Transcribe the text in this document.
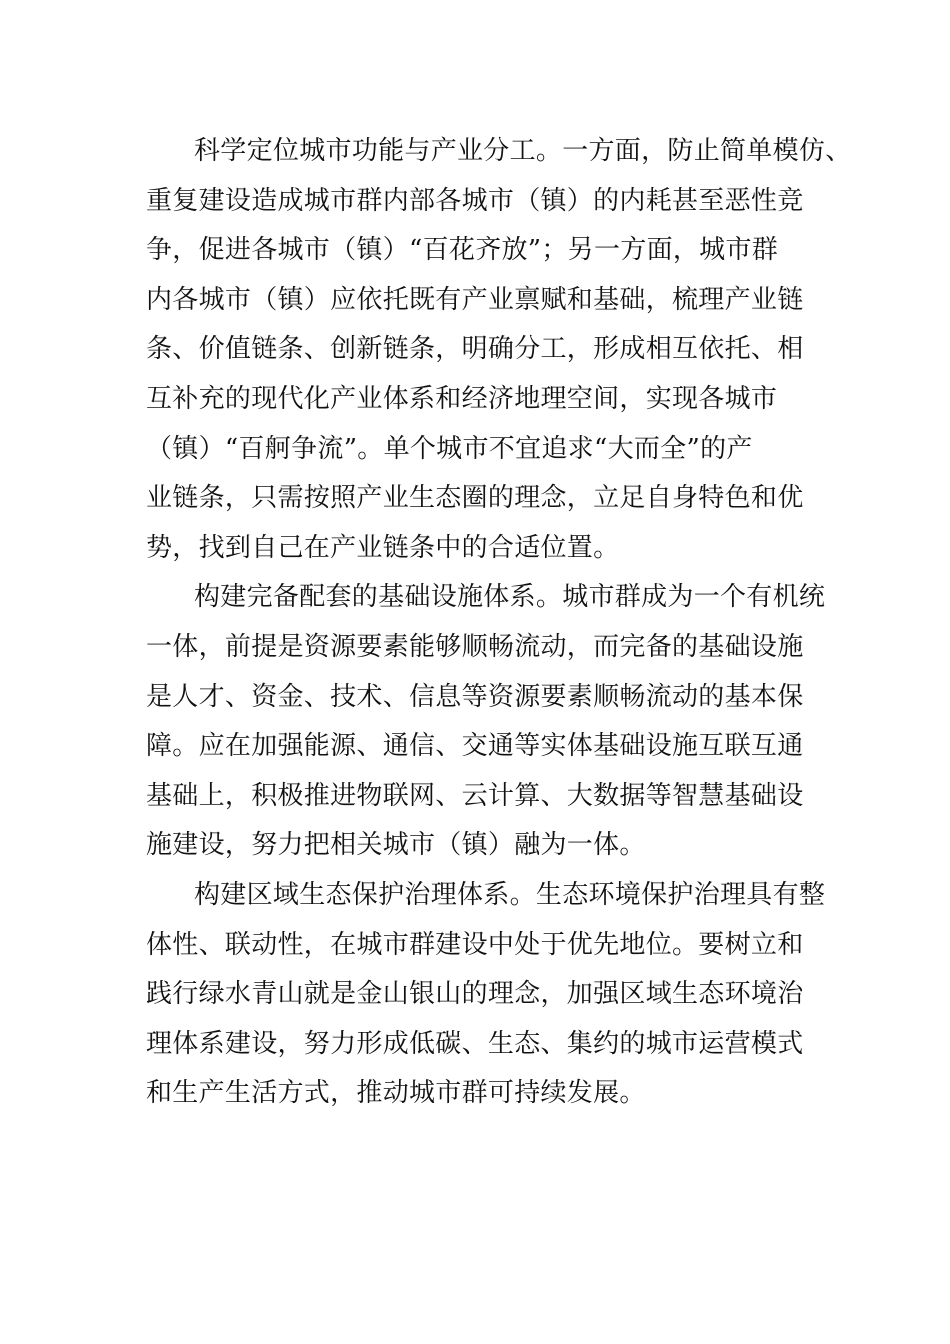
科学定位城市功能与产业分工。一方面，防止简单模仿、
重复建设造成城市群内部各城市（镇）的内耗甚至恶性竞
争，促进各城市（镇）“百花齐放”；另一方面，城市群
内各城市（镇）应依托既有产业禀赋和基础，梳理产业链
条、价值链条、创新链条，明确分工，形成相互依托、相
互补充的现代化产业体系和经济地理空间，实现各城市
（镇）“百舸争流”。单个城市不宜追求“大而全”的产
业链条，只需按照产业生态圈的理念，立足自身特色和优
势，找到自己在产业链条中的合适位置。
构建完备配套的基础设施体系。城市群成为一个有机统
一体，前提是资源要素能够顺畅流动，而完备的基础设施
是人才、资金、技术、信息等资源要素顺畅流动的基本保
障。应在加强能源、通信、交通等实体基础设施互联互通
基础上，积极推进物联网、云计算、大数据等智慧基础设
施建设，努力把相关城市（镇）融为一体。
构建区域生态保护治理体系。生态环境保护治理具有整
体性、联动性，在城市群建设中处于优先地位。要树立和
践行绿水青山就是金山银山的理念，加强区域生态环境治
理体系建设，努力形成低碳、生态、集约的城市运营模式
和生产生活方式，推动城市群可持续发展。
